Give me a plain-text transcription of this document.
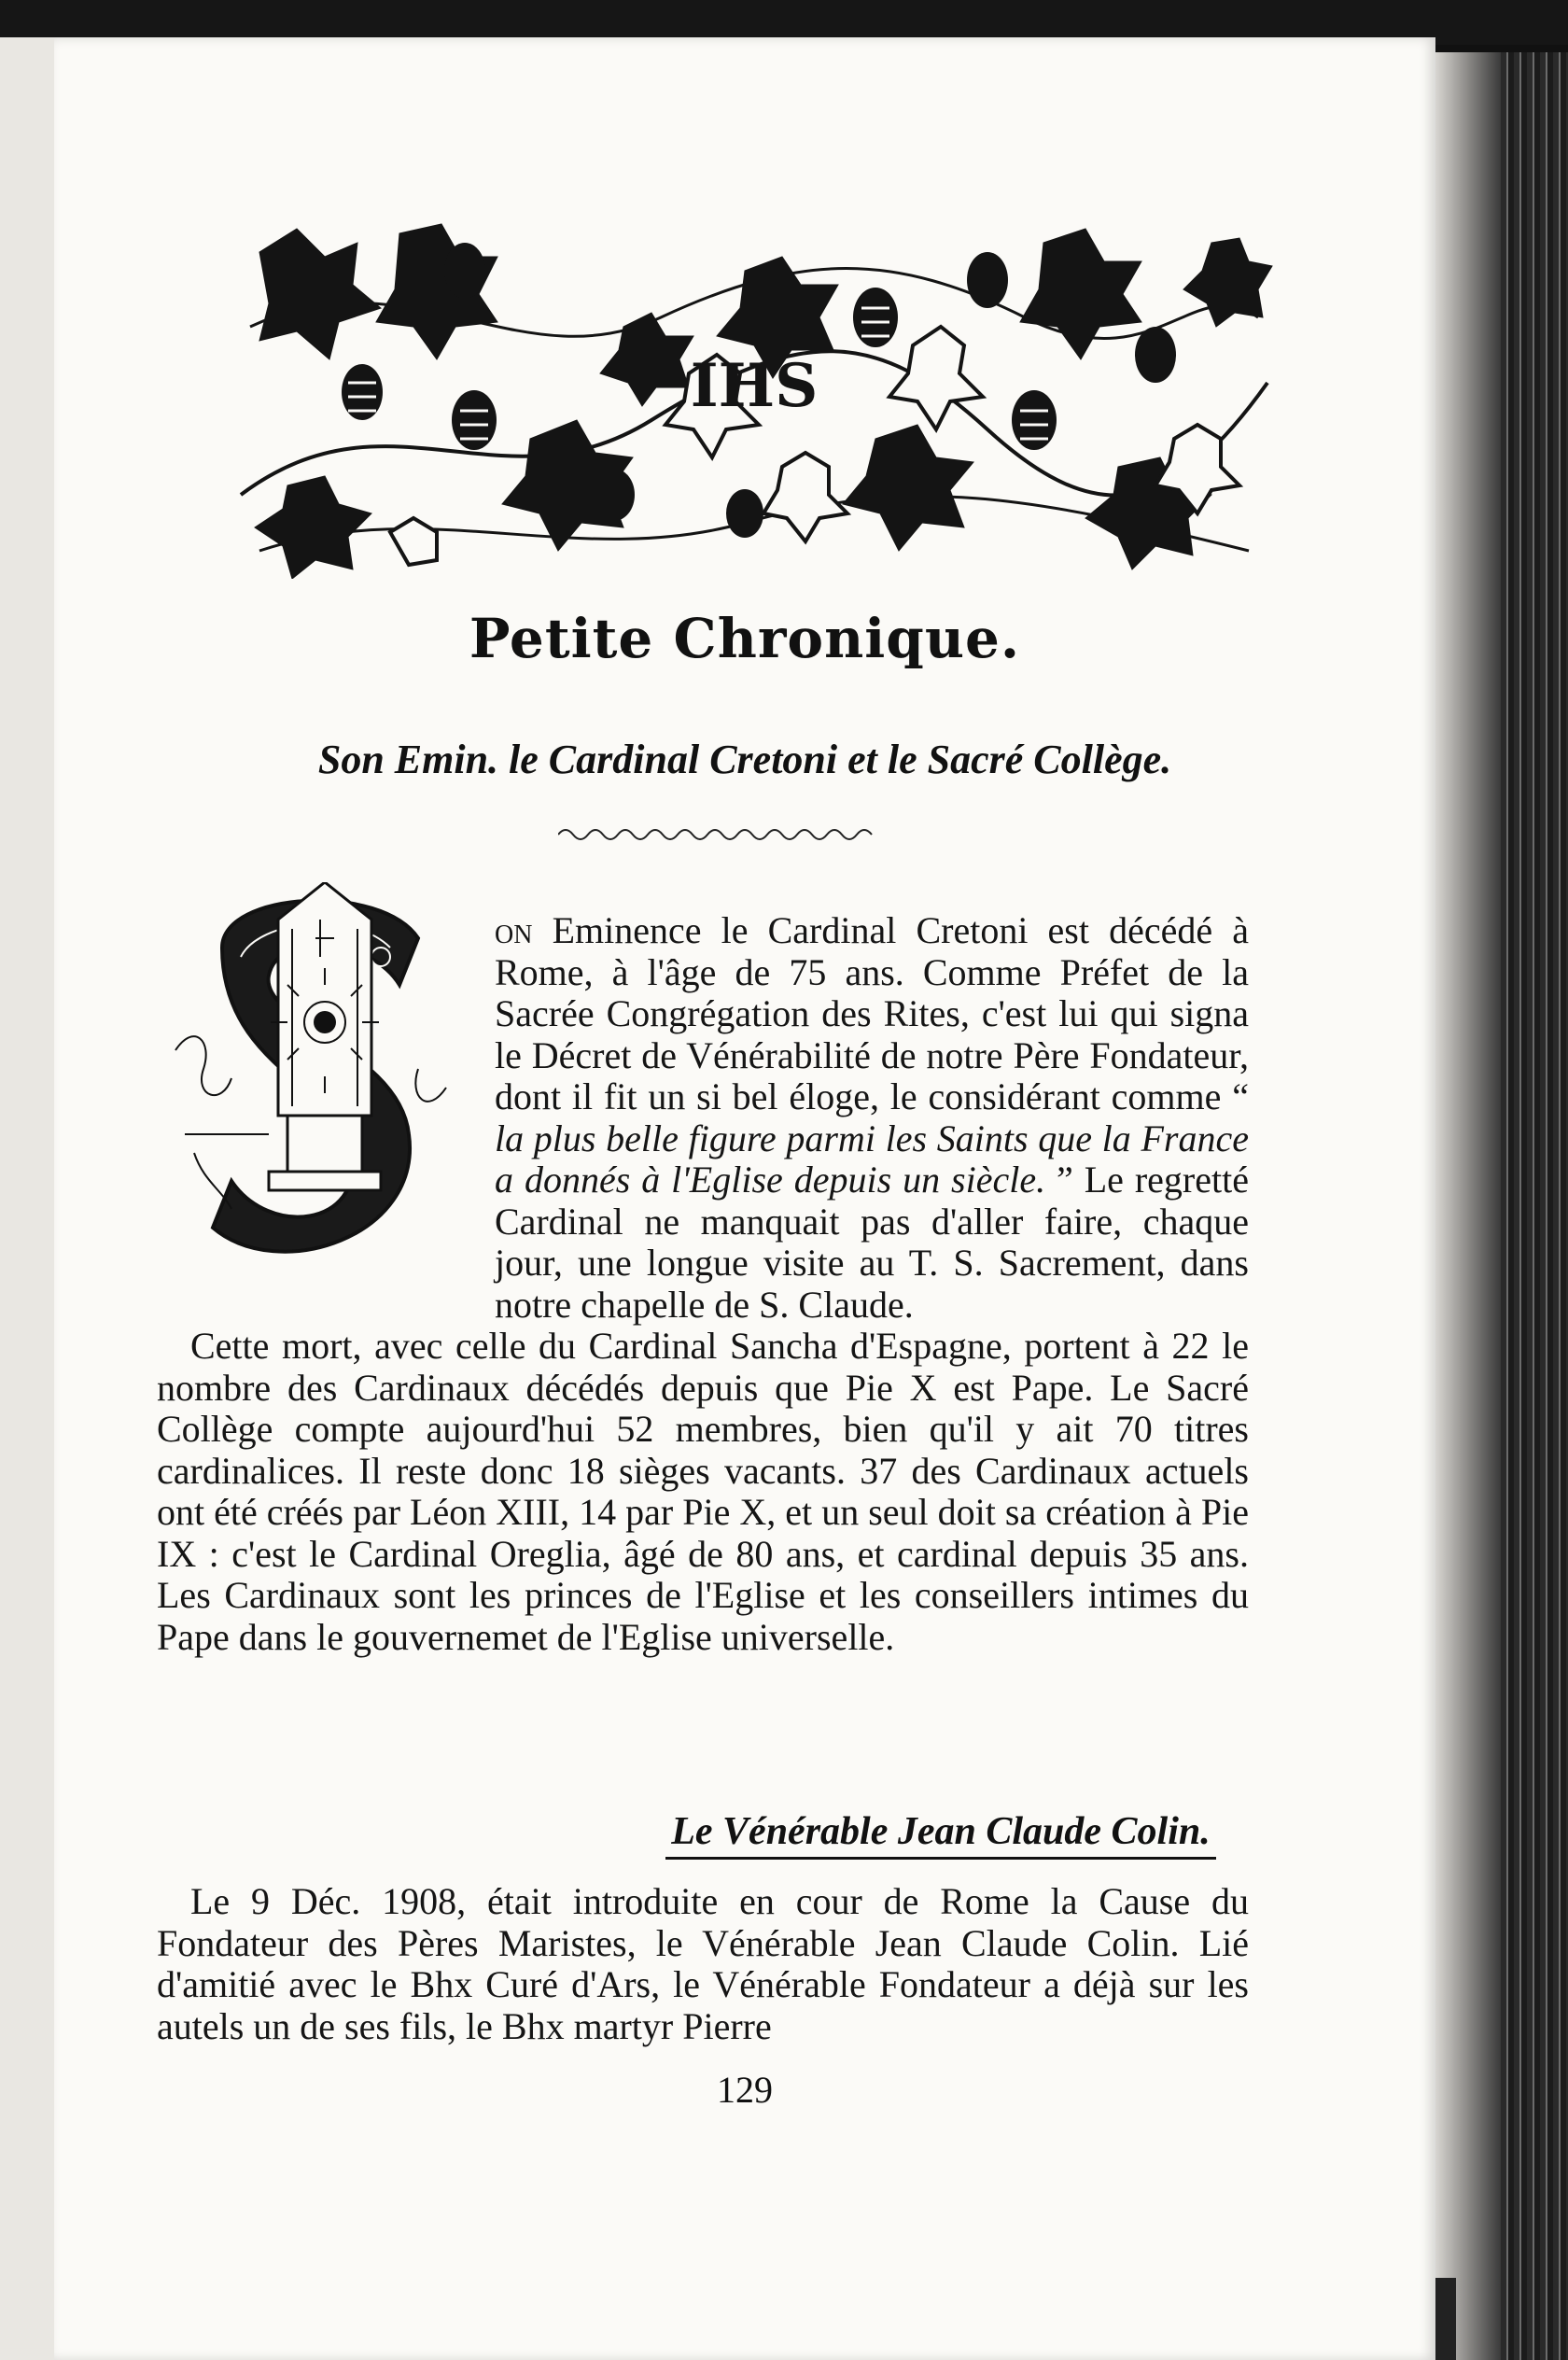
IHS
Petite Chronique.
Son Emin. le Cardinal Cretoni et le Sacré Collège.

on Eminence le Cardinal Cretoni est décédé à Rome, à l'âge de 75 ans. Comme Préfet de la Sacrée Congrégation des Rites, c'est lui qui signa le Décret de Vénérabilité de notre Père Fondateur, dont il fit un si bel éloge, le considérant comme “ la plus belle figure parmi les Saints que la France a donnés à l'Eglise depuis un siècle. ” Le regretté Cardinal ne manquait pas d'aller faire, chaque jour, une longue visite au T. S. Sacrement, dans notre chapelle de S. Claude.

Cette mort, avec celle du Cardinal Sancha d'Espagne, portent à 22 le nombre des Cardinaux décédés depuis que Pie X est Pape. Le Sacré Collège compte aujourd'hui 52 membres, bien qu'il y ait 70 titres cardinalices. Il reste donc 18 sièges vacants. 37 des Cardinaux actuels ont été créés par Léon XIII, 14 par Pie X, et un seul doit sa création à Pie IX : c'est le Cardinal Oreglia, âgé de 80 ans, et cardinal depuis 35 ans. Les Cardinaux sont les princes de l'Eglise et les conseillers intimes du Pape dans le gouvernemet de l'Eglise universelle.

Le Vénérable Jean Claude Colin.

Le 9 Déc. 1908, était introduite en cour de Rome la Cause du Fondateur des Pères Maristes, le Vénérable Jean Claude Colin. Lié d'amitié avec le Bhx Curé d'Ars, le Vénérable Fondateur a déjà sur les autels un de ses fils, le Bhx martyr Pierre

129
